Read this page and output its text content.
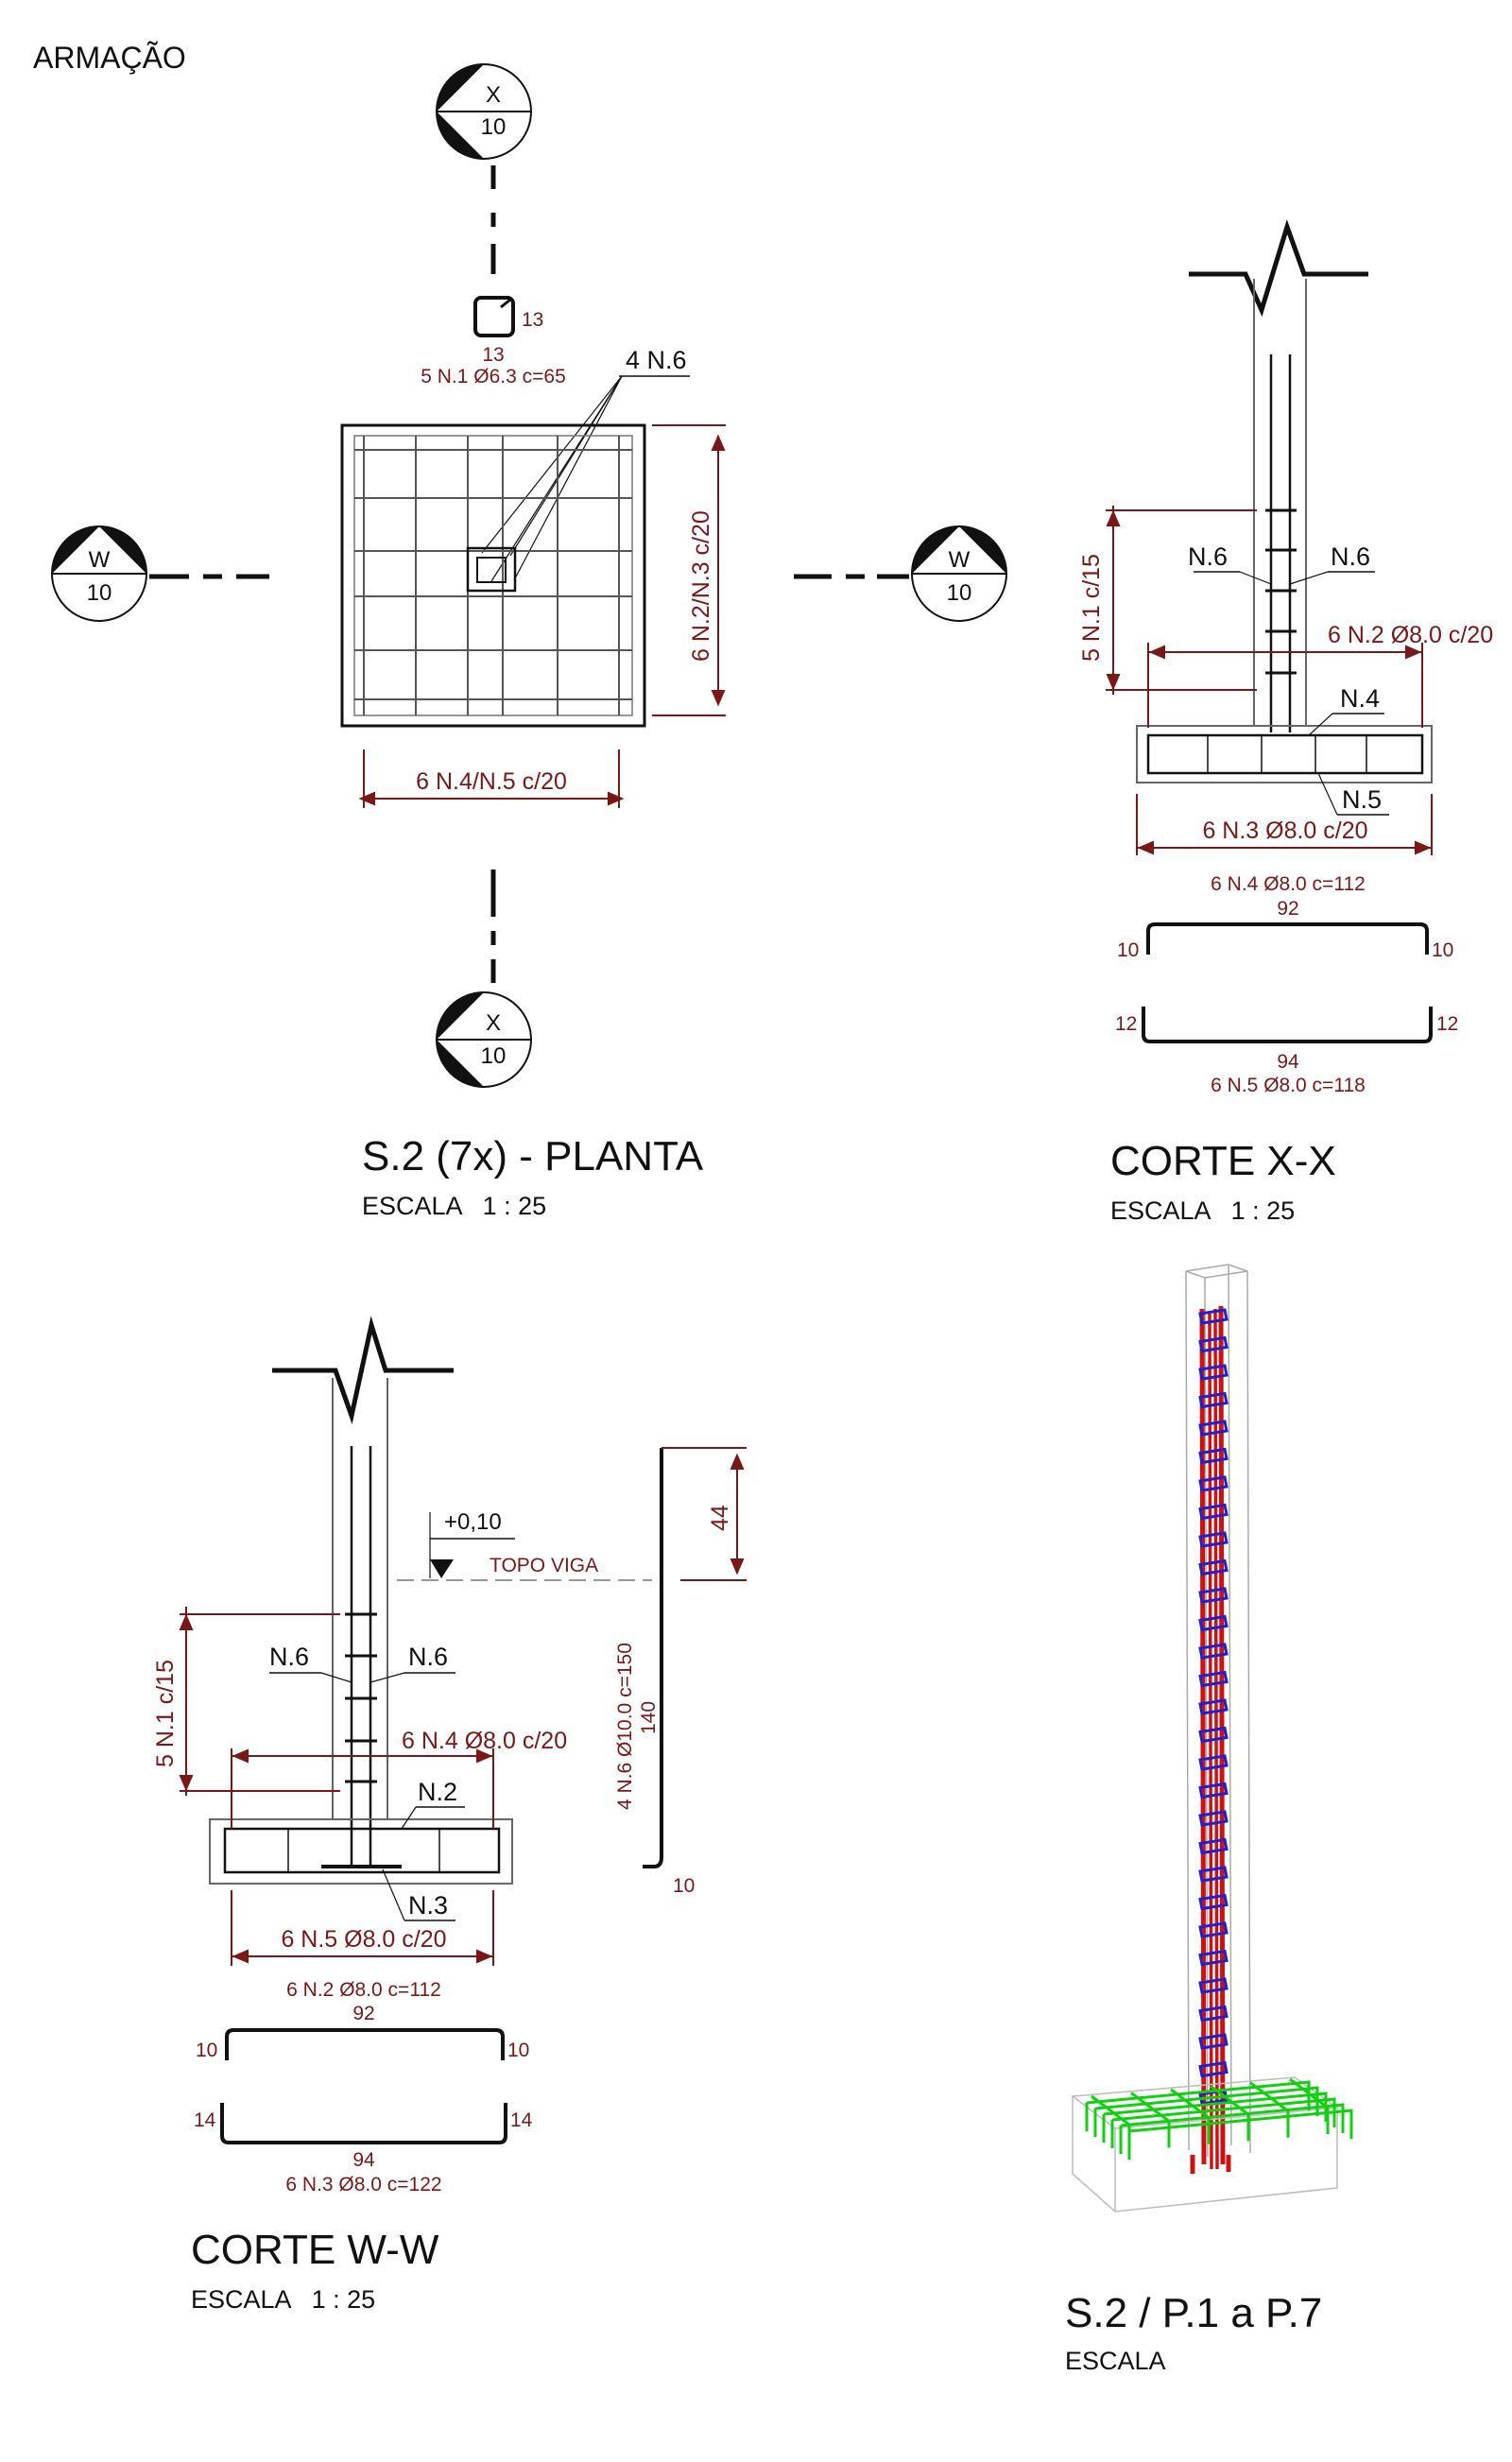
ARMAÇÃO
X
10
13
13
5 N.1 Ø6.3 c=65
4 N.6
6 N.2/N.3 c/20
6 N.4/N.5 c/20
W
10
W
10
X
10
S.2 (7x) - PLANTA
ESCALA   1 : 25
N.6	N.6
N.4
N.5
5 N.1 c/15	6 N.2 Ø8.0 c/20
6 N.3 Ø8.0 c/20
6 N.4 Ø8.0 c=112
92
10	10
12	12
94
6 N.5 Ø8.0 c=118
CORTE X-X
ESCALA   1 : 25
+0,10
TOPO VIGA
N.6	N.6
N.2
N.3
5 N.1 c/15	6 N.4 Ø8.0 c/20
6 N.5 Ø8.0 c/20
44
4 N.6 Ø10.0 c=150 140
10
6 N.2 Ø8.0 c=112
92
10	10
14	14
94
6 N.3 Ø8.0 c=122
CORTE W-W
ESCALA   1 : 25	S.2 / P.1 a P.7
ESCALA
